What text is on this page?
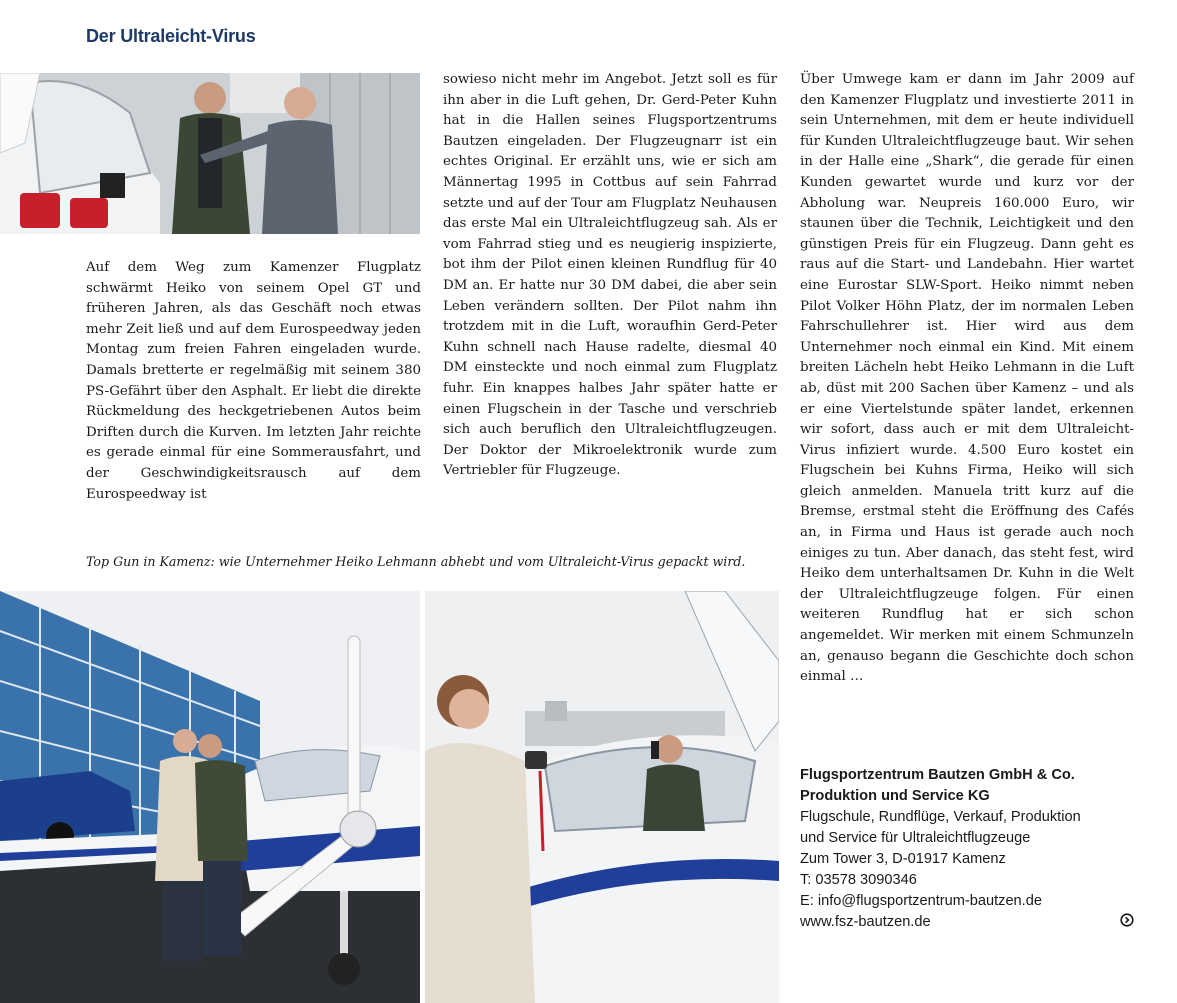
Der Ultraleicht-Virus

Auf dem Weg zum Kamenzer Flugplatz schwärmt Heiko von seinem Opel GT und früheren Jahren, als das Geschäft noch etwas mehr Zeit ließ und auf dem Eurospeedway jeden Montag zum freien Fahren eingeladen wurde. Damals bretterte er regelmäßig mit seinem 380 PS-Gefährt über den Asphalt. Er liebt die direkte Rückmeldung des heckgetriebenen Autos beim Driften durch die Kurven. Im letzten Jahr reichte es gerade einmal für eine Sommerausfahrt, und der Geschwindigkeitsrausch auf dem Eurospeedway ist

sowieso nicht mehr im Angebot. Jetzt soll es für ihn aber in die Luft gehen, Dr. Gerd-Peter Kuhn hat in die Hallen seines Flugsportzentrums Bautzen eingeladen. Der Flugzeugnarr ist ein echtes Original. Er erzählt uns, wie er sich am Männertag 1995 in Cottbus auf sein Fahrrad setzte und auf der Tour am Flugplatz Neuhausen das erste Mal ein Ultraleichtflugzeug sah. Als er vom Fahrrad stieg und es neugierig inspizierte, bot ihm der Pilot einen kleinen Rundflug für 40 DM an. Er hatte nur 30 DM dabei, die aber sein Leben verändern sollten. Der Pilot nahm ihn trotzdem mit in die Luft, woraufhin Gerd-Peter Kuhn schnell nach Hause radelte, diesmal 40 DM einsteckte und noch einmal zum Flugplatz fuhr. Ein knappes halbes Jahr später hatte er einen Flugschein in der Tasche und verschrieb sich auch beruflich den Ultraleichtflugzeugen. Der Doktor der Mikroelektronik wurde zum Vertriebler für Flugzeuge.

Über Umwege kam er dann im Jahr 2009 auf den Kamenzer Flugplatz und investierte 2011 in sein Unternehmen, mit dem er heute individuell für Kunden Ultraleichtflugzeuge baut. Wir sehen in der Halle eine „Shark“, die gerade für einen Kunden gewartet wurde und kurz vor der Abholung war. Neupreis 160.000 Euro, wir staunen über die Technik, Leichtigkeit und den günstigen Preis für ein Flugzeug. Dann geht es raus auf die Start- und Landebahn. Hier wartet eine Eurostar SLW-Sport. Heiko nimmt neben Pilot Volker Höhn Platz, der im normalen Leben Fahrschullehrer ist. Hier wird aus dem Unternehmer noch einmal ein Kind. Mit einem breiten Lächeln hebt Heiko Lehmann in die Luft ab, düst mit 200 Sachen über Kamenz – und als er eine Viertelstunde später landet, erkennen wir sofort, dass auch er mit dem Ultraleicht-Virus infiziert wurde. 4.500 Euro kostet ein Flugschein bei Kuhns Firma, Heiko will sich gleich anmelden. Manuela tritt kurz auf die Bremse, erstmal steht die Eröffnung des Cafés an, in Firma und Haus ist gerade auch noch einiges zu tun. Aber danach, das steht fest, wird Heiko dem unterhaltsamen Dr. Kuhn in die Welt der Ultraleichtflugzeuge folgen. Für einen weiteren Rundflug hat er sich schon angemeldet. Wir merken mit einem Schmunzeln an, genauso begann die Geschichte doch schon einmal …

Top Gun in Kamenz: wie Unternehmer Heiko Lehmann abhebt und vom Ultraleicht-Virus gepackt wird.
Flugsportzentrum Bautzen GmbH & Co.
Produktion und Service KG
Flugschule, Rundflüge, Verkauf, Produktion
und Service für Ultraleichtflugzeuge
Zum Tower 3, D-01917 Kamenz
T: 03578 3090346
E: info@flugsportzentrum-bautzen.de
www.fsz-bautzen.de
